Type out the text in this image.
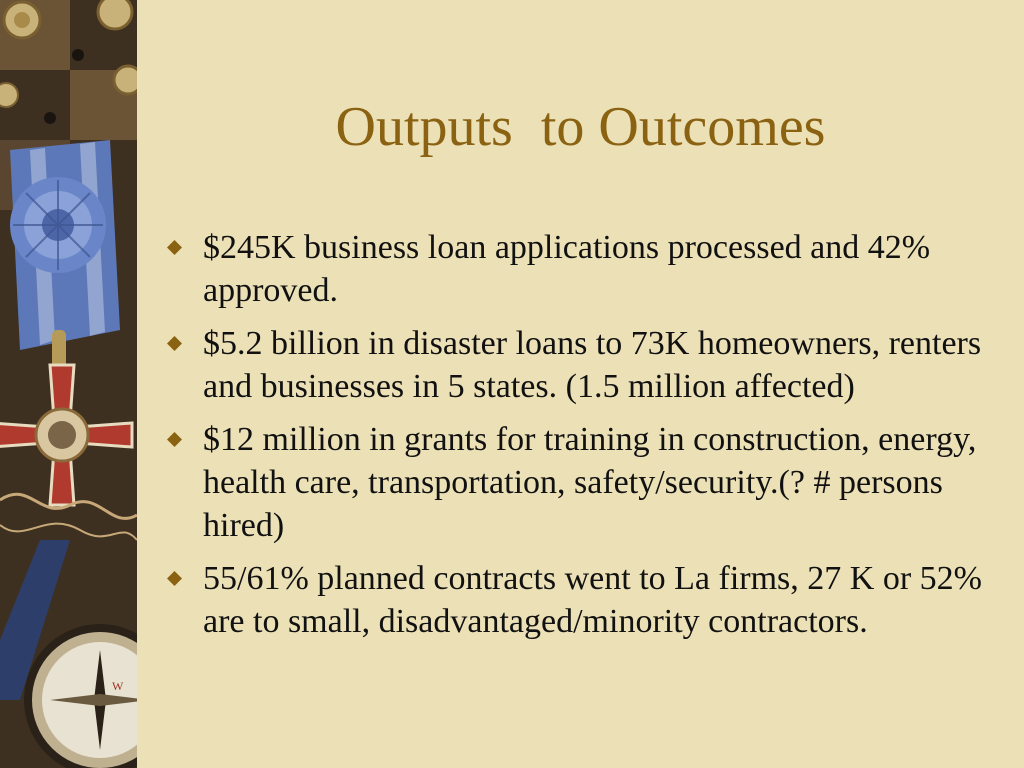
W
Outputs  to Outcomes
$245K business loan applications processed and 42% approved.
$5.2 billion in disaster loans to 73K homeowners, renters and businesses in 5 states. (1.5 million affected)
$12 million in grants for training in construction, energy, health care, transportation, safety/security.(? # persons hired)
55/61% planned contracts went to La firms, 27 K or 52% are to small, disadvantaged/minority contractors.
